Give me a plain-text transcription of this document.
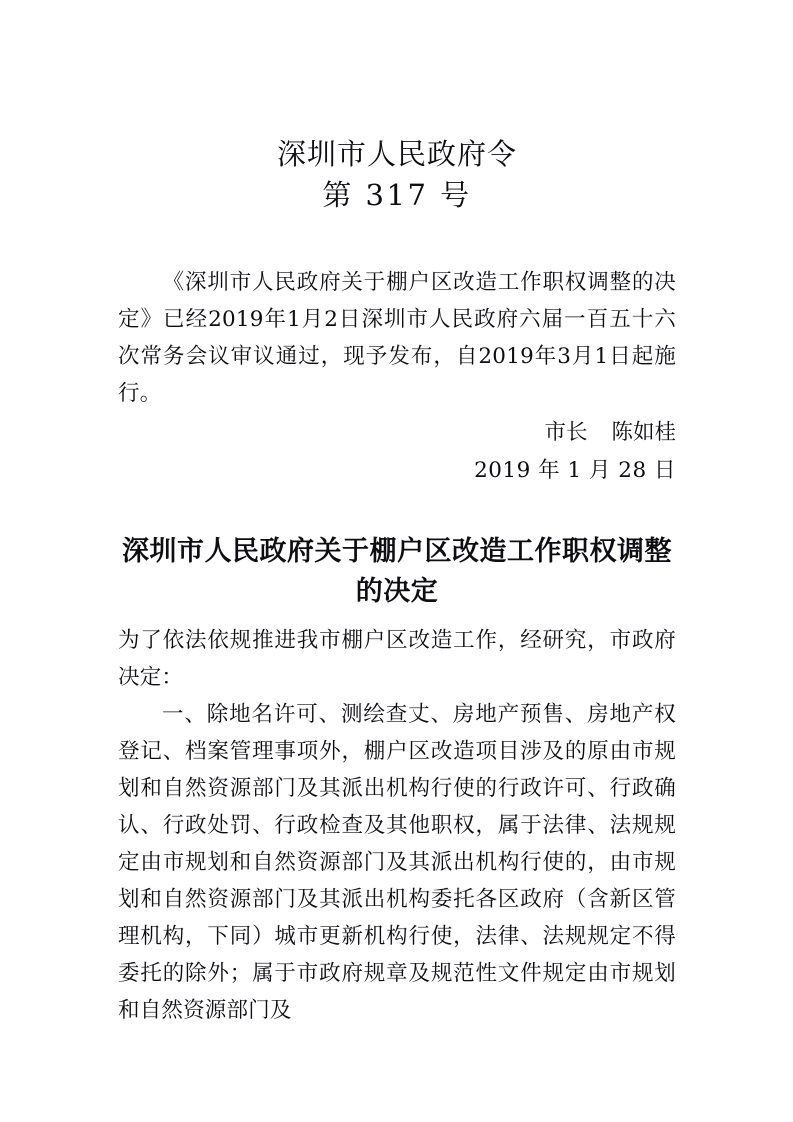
深圳市人民政府令
第 317 号
《深圳市人民政府关于棚户区改造工作职权调整的决定》已经2019年1月2日深圳市人民政府六届一百五十六次常务会议审议通过，现予发布，自2019年3月1日起施行。
市长 陈如桂
2019 年 1 月 28 日
深圳市人民政府关于棚户区改造工作职权调整的决定

为了依法依规推进我市棚户区改造工作，经研究，市政府决定：

一、除地名许可、测绘查丈、房地产预售、房地产权登记、档案管理事项外，棚户区改造项目涉及的原由市规划和自然资源部门及其派出机构行使的行政许可、行政确认、行政处罚、行政检查及其他职权，属于法律、法规规定由市规划和自然资源部门及其派出机构行使的，由市规划和自然资源部门及其派出机构委托各区政府（含新区管理机构，下同）城市更新机构行使，法律、法规规定不得委托的除外；属于市政府规章及规范性文件规定由市规划和自然资源部门及
